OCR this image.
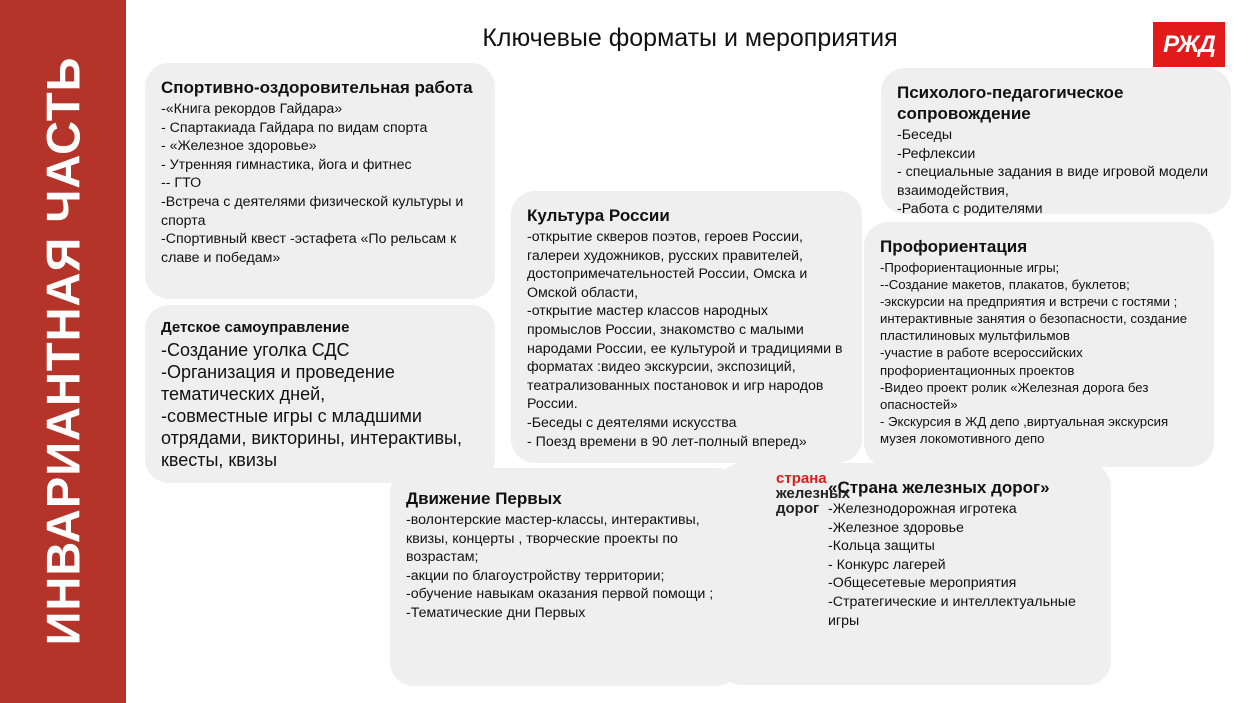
ИНВАРИАНТНАЯ ЧАСТЬ
РЖД
Ключевые форматы и мероприятия
Спортивно-оздоровительная работа
-«Книга рекордов Гайдара»
- Спартакиада Гайдара по видам спорта
- «Железное здоровье»
- Утренняя гимнастика, йога и фитнес
-- ГТО
-Встреча с деятелями физической культуры и спорта
-Спортивный квест -эстафета «По рельсам к славе и победам»
Детское самоуправление
-Создание уголка СДС
-Организация и проведение тематических дней,
-совместные игры с младшими отрядами, викторины, интерактивы, квесты, квизы
Культура России
-открытие скверов поэтов, героев России, галереи художников, русских правителей, достопримечательностей России, Омска и Омской области,
-открытие мастер классов народных промыслов России, знакомство с малыми народами России, ее культурой и традициями в форматах :видео экскурсии, экспозиций, театрализованных постановок и игр народов России.
-Беседы с деятелями искусства
- Поезд времени в 90 лет-полный вперед»
Психолого-педагогическое сопровождение
-Беседы
-Рефлексии
- специальные задания в виде игровой модели взаимодействия,
-Работа с родителями
Профориентация
-Профориентационные игры;
--Создание макетов, плакатов, буклетов;
-экскурсии на предприятия и встречи с гостями ; интерактивные занятия о безопасности, создание пластилиновых мультфильмов
-участие в работе всероссийских профориентационных проектов
-Видео проект ролик «Железная дорога без опасностей»
- Экскурсия в ЖД депо ,виртуальная экскурсия музея локомотивного депо
Движение Первых
-волонтерские мастер-классы, интерактивы, квизы, концерты , творческие проекты по возрастам;
-акции по благоустройству территории;
-обучение навыкам оказания первой помощи ;
-Тематические дни Первых
«Страна железных дорог»
-Железнодорожная игротека
-Железное здоровье
-Кольца защиты
- Конкурс лагерей
-Общесетевые мероприятия
-Стратегические и интеллектуальные игры
страна
железных
дорог
